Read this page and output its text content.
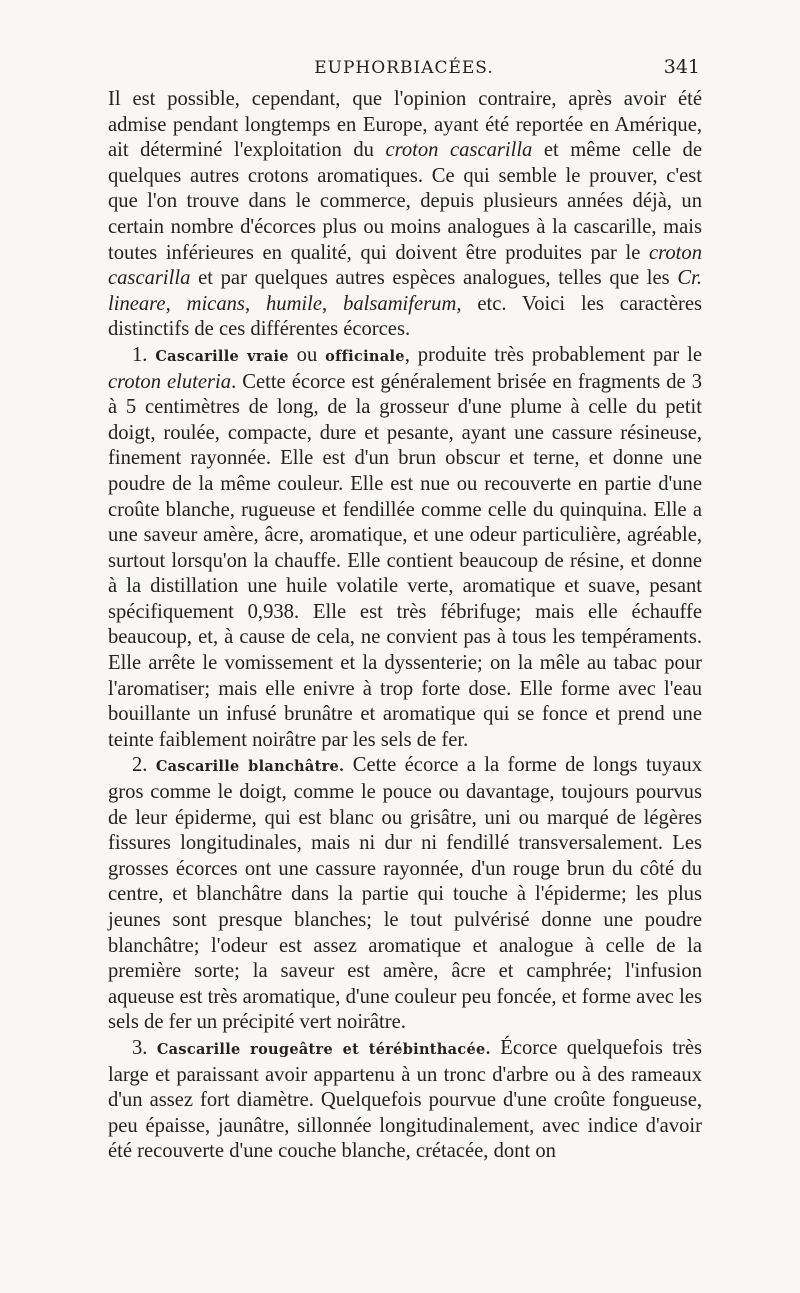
EUPHORBIACÉES.	341

Il est possible, cependant, que l'opinion contraire, après avoir été admise pendant longtemps en Europe, ayant été reportée en Amérique, ait déterminé l'exploitation du croton cascarilla et même celle de quelques autres crotons aromatiques. Ce qui semble le prouver, c'est que l'on trouve dans le commerce, depuis plusieurs années déjà, un certain nombre d'écorces plus ou moins analogues à la cascarille, mais toutes inférieures en qualité, qui doivent être produites par le croton cascarilla et par quelques autres espèces analogues, telles que les Cr. lineare, micans, humile, balsamiferum, etc. Voici les caractères distinctifs de ces différentes écorces.

1. Cascarille vraie ou officinale, produite très probablement par le croton eluteria. Cette écorce est généralement brisée en fragments de 3 à 5 centimètres de long, de la grosseur d'une plume à celle du petit doigt, roulée, compacte, dure et pesante, ayant une cassure résineuse, finement rayonnée. Elle est d'un brun obscur et terne, et donne une poudre de la même couleur. Elle est nue ou recouverte en partie d'une croûte blanche, rugueuse et fendillée comme celle du quinquina. Elle a une saveur amère, âcre, aromatique, et une odeur particulière, agréable, surtout lorsqu'on la chauffe. Elle contient beaucoup de résine, et donne à la distillation une huile volatile verte, aromatique et suave, pesant spécifiquement 0,938. Elle est très fébrifuge; mais elle échauffe beaucoup, et, à cause de cela, ne convient pas à tous les tempéraments. Elle arrête le vomissement et la dyssenterie; on la mêle au tabac pour l'aromatiser; mais elle enivre à trop forte dose. Elle forme avec l'eau bouillante un infusé brunâtre et aromatique qui se fonce et prend une teinte faiblement noirâtre par les sels de fer.

2. Cascarille blanchâtre. Cette écorce a la forme de longs tuyaux gros comme le doigt, comme le pouce ou davantage, toujours pourvus de leur épiderme, qui est blanc ou grisâtre, uni ou marqué de légères fissures longitudinales, mais ni dur ni fendillé transversalement. Les grosses écorces ont une cassure rayonnée, d'un rouge brun du côté du centre, et blanchâtre dans la partie qui touche à l'épiderme; les plus jeunes sont presque blanches; le tout pulvérisé donne une poudre blanchâtre; l'odeur est assez aromatique et analogue à celle de la première sorte; la saveur est amère, âcre et camphrée; l'infusion aqueuse est très aromatique, d'une couleur peu foncée, et forme avec les sels de fer un précipité vert noirâtre.

3. Cascarille rougeâtre et térébinthacée. Écorce quelquefois très large et paraissant avoir appartenu à un tronc d'arbre ou à des rameaux d'un assez fort diamètre. Quelquefois pourvue d'une croûte fongueuse, peu épaisse, jaunâtre, sillonnée longitudinalement, avec indice d'avoir été recouverte d'une couche blanche, crétacée, dont on
